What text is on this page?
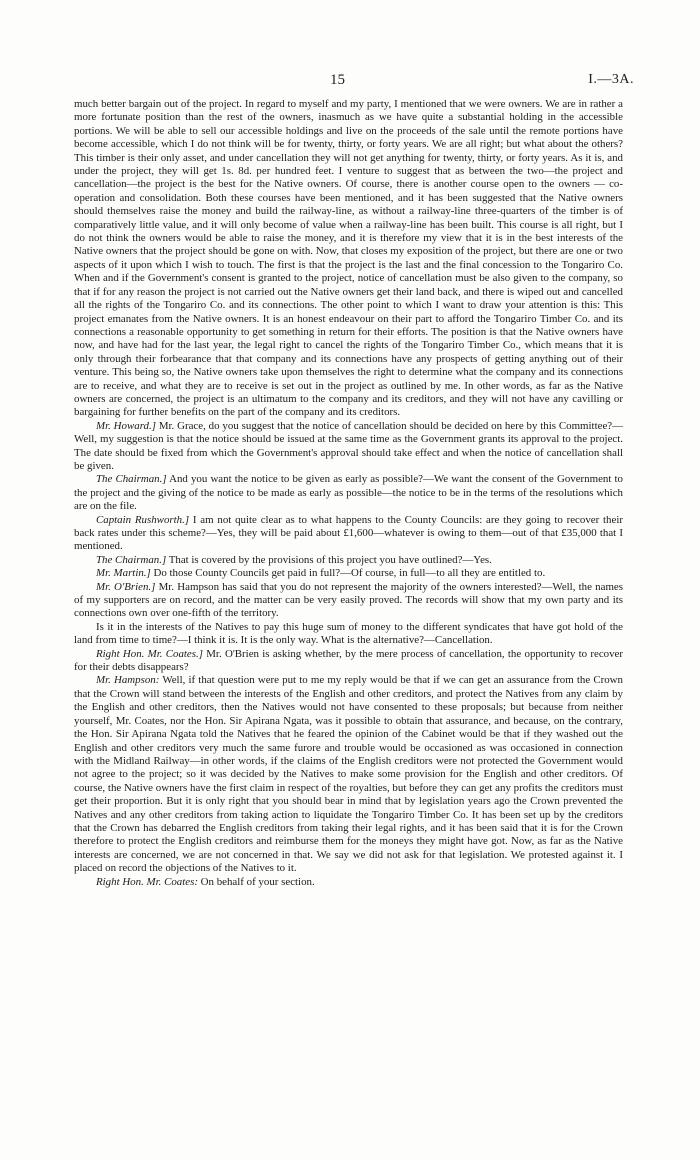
15	I.—3A.

much better bargain out of the project. In regard to myself and my party, I mentioned that we were owners. We are in rather a more fortunate position than the rest of the owners, inasmuch as we have quite a substantial holding in the accessible portions. We will be able to sell our accessible holdings and live on the proceeds of the sale until the remote portions have become accessible, which I do not think will be for twenty, thirty, or forty years. We are all right; but what about the others? This timber is their only asset, and under cancellation they will not get anything for twenty, thirty, or forty years. As it is, and under the project, they will get 1s. 8d. per hundred feet. I venture to suggest that as between the two—the project and cancellation—the project is the best for the Native owners. Of course, there is another course open to the owners — co-operation and consolidation. Both these courses have been mentioned, and it has been suggested that the Native owners should themselves raise the money and build the railway-line, as without a railway-line three-quarters of the timber is of comparatively little value, and it will only become of value when a railway-line has been built. This course is all right, but I do not think the owners would be able to raise the money, and it is therefore my view that it is in the best interests of the Native owners that the project should be gone on with. Now, that closes my exposition of the project, but there are one or two aspects of it upon which I wish to touch. The first is that the project is the last and the final concession to the Tongariro Co. When and if the Government's consent is granted to the project, notice of cancellation must be also given to the company, so that if for any reason the project is not carried out the Native owners get their land back, and there is wiped out and cancelled all the rights of the Tongariro Co. and its connections. The other point to which I want to draw your attention is this: This project emanates from the Native owners. It is an honest endeavour on their part to afford the Tongariro Timber Co. and its connections a reasonable opportunity to get something in return for their efforts. The position is that the Native owners have now, and have had for the last year, the legal right to cancel the rights of the Tongariro Timber Co., which means that it is only through their forbearance that that company and its connections have any prospects of getting anything out of their venture. This being so, the Native owners take upon themselves the right to determine what the company and its connections are to receive, and what they are to receive is set out in the project as outlined by me. In other words, as far as the Native owners are concerned, the project is an ultimatum to the company and its creditors, and they will not have any cavilling or bargaining for further benefits on the part of the company and its creditors.

Mr. Howard.] Mr. Grace, do you suggest that the notice of cancellation should be decided on here by this Committee?—Well, my suggestion is that the notice should be issued at the same time as the Government grants its approval to the project. The date should be fixed from which the Government's approval should take effect and when the notice of cancellation shall be given.

The Chairman.] And you want the notice to be given as early as possible?—We want the consent of the Government to the project and the giving of the notice to be made as early as possible—the notice to be in the terms of the resolutions which are on the file.

Captain Rushworth.] I am not quite clear as to what happens to the County Councils: are they going to recover their back rates under this scheme?—Yes, they will be paid about £1,600—whatever is owing to them—out of that £35,000 that I mentioned.

The Chairman.] That is covered by the provisions of this project you have outlined?—Yes.

Mr. Martin.] Do those County Councils get paid in full?—Of course, in full—to all they are entitled to.

Mr. O'Brien.] Mr. Hampson has said that you do not represent the majority of the owners interested?—Well, the names of my supporters are on record, and the matter can be very easily proved. The records will show that my own party and its connections own over one-fifth of the territory.

Is it in the interests of the Natives to pay this huge sum of money to the different syndicates that have got hold of the land from time to time?—I think it is. It is the only way. What is the alternative?—Cancellation.

Right Hon. Mr. Coates.] Mr. O'Brien is asking whether, by the mere process of cancellation, the opportunity to recover for their debts disappears?

Mr. Hampson: Well, if that question were put to me my reply would be that if we can get an assurance from the Crown that the Crown will stand between the interests of the English and other creditors, and protect the Natives from any claim by the English and other creditors, then the Natives would not have consented to these proposals; but because from neither yourself, Mr. Coates, nor the Hon. Sir Apirana Ngata, was it possible to obtain that assurance, and because, on the contrary, the Hon. Sir Apirana Ngata told the Natives that he feared the opinion of the Cabinet would be that if they washed out the English and other creditors very much the same furore and trouble would be occasioned as was occasioned in connection with the Midland Railway—in other words, if the claims of the English creditors were not protected the Government would not agree to the project; so it was decided by the Natives to make some provision for the English and other creditors. Of course, the Native owners have the first claim in respect of the royalties, but before they can get any profits the creditors must get their proportion. But it is only right that you should bear in mind that by legislation years ago the Crown prevented the Natives and any other creditors from taking action to liquidate the Tongariro Timber Co. It has been set up by the creditors that the Crown has debarred the English creditors from taking their legal rights, and it has been said that it is for the Crown therefore to protect the English creditors and reimburse them for the moneys they might have got. Now, as far as the Native interests are concerned, we are not concerned in that. We say we did not ask for that legislation. We protested against it. I placed on record the objections of the Natives to it.

Right Hon. Mr. Coates: On behalf of your section.
